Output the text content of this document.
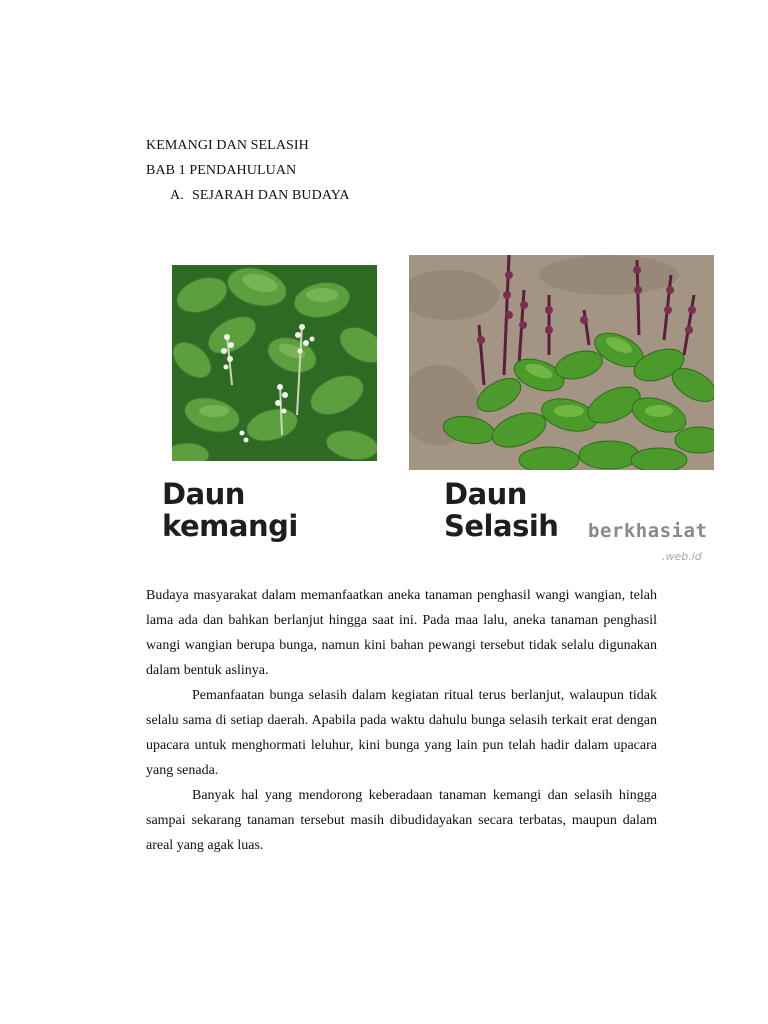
KEMANGI DAN SELASIH
BAB 1 PENDAHULUAN
A. SEJARAH DAN BUDAYA
Daun kemangi
Daun Selasih berkhasiat
.web.id

Budaya masyarakat dalam memanfaatkan aneka tanaman penghasil wangi wangian, telah lama ada dan bahkan berlanjut hingga saat ini. Pada maa lalu, aneka tanaman penghasil wangi wangian berupa bunga, namun kini bahan pewangi tersebut tidak selalu digunakan dalam bentuk aslinya.

Pemanfaatan bunga selasih dalam kegiatan ritual terus berlanjut, walaupun tidak selalu sama di setiap daerah. Apabila pada waktu dahulu bunga selasih terkait erat dengan upacara untuk menghormati leluhur, kini bunga yang lain pun telah hadir dalam upacara yang senada.

Banyak hal yang mendorong keberadaan tanaman kemangi dan selasih hingga sampai sekarang tanaman tersebut masih dibudidayakan secara terbatas, maupun dalam areal yang agak luas.
